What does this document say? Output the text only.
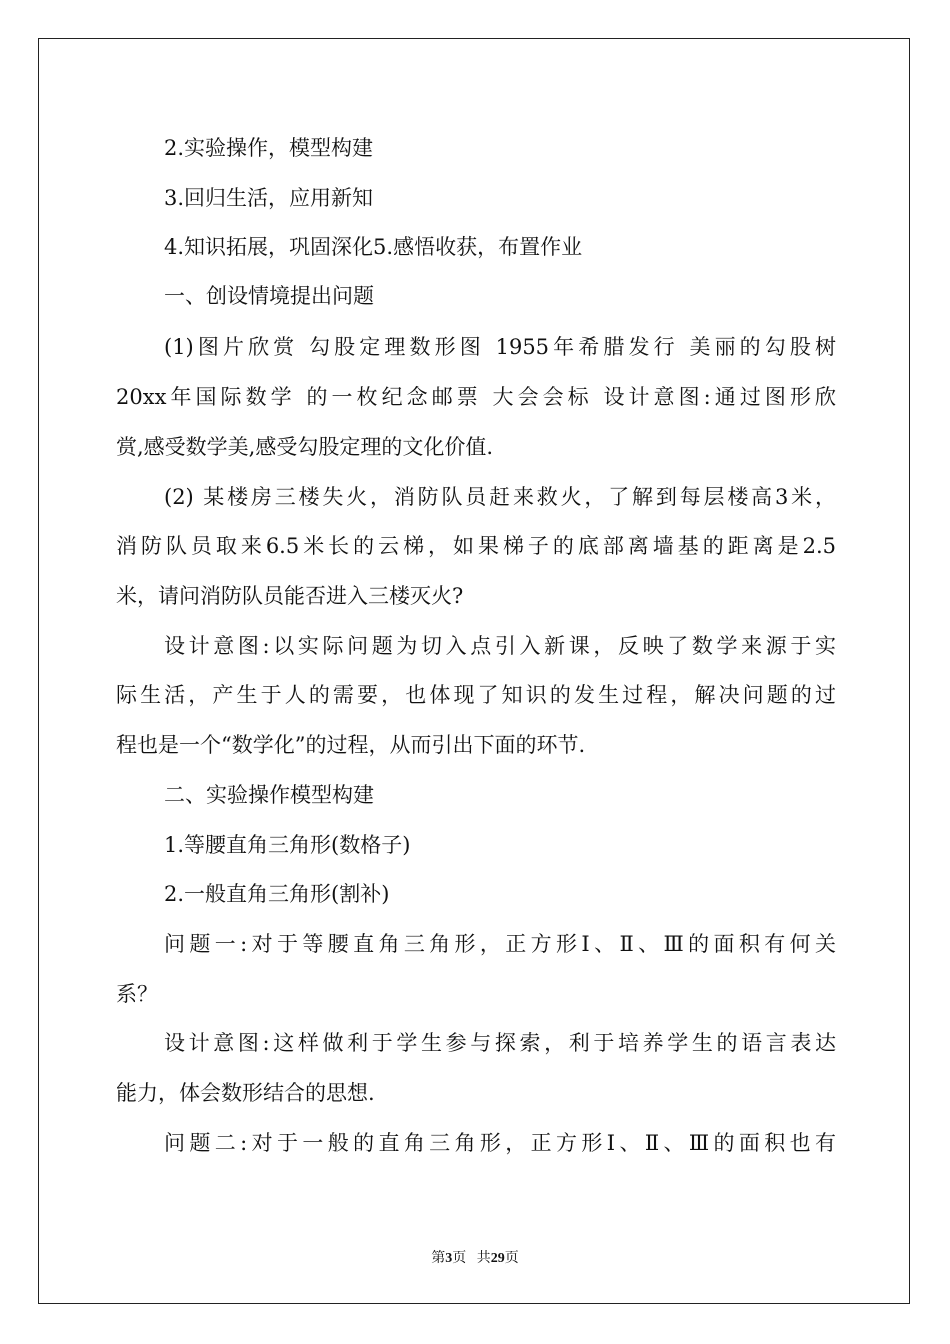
2.实验操作，模型构建

3.回归生活，应用新知

4.知识拓展，巩固深化5.感悟收获，布置作业

一、创设情境提出问题

(1)图片欣赏 勾股定理数形图 1955年希腊发行 美丽的勾股树

20xx年国际数学 的一枚纪念邮票 大会会标 设计意图:通过图形欣

赏,感受数学美,感受勾股定理的文化价值.

(2) 某楼房三楼失火，消防队员赶来救火，了解到每层楼高3米，

消防队员取来6.5米长的云梯，如果梯子的底部离墙基的距离是2.5

米，请问消防队员能否进入三楼灭火?

设计意图:以实际问题为切入点引入新课，反映了数学来源于实

际生活，产生于人的需要，也体现了知识的发生过程，解决问题的过

程也是一个“数学化”的过程，从而引出下面的环节.

二、实验操作模型构建

1.等腰直角三角形(数格子)

2.一般直角三角形(割补)

问题一:对于等腰直角三角形，正方形Ⅰ、Ⅱ、Ⅲ的面积有何关

系？

设计意图:这样做利于学生参与探索，利于培养学生的语言表达

能力，体会数形结合的思想.

问题二:对于一般的直角三角形，正方形Ⅰ、Ⅱ、Ⅲ的面积也有

第3页 共29页
